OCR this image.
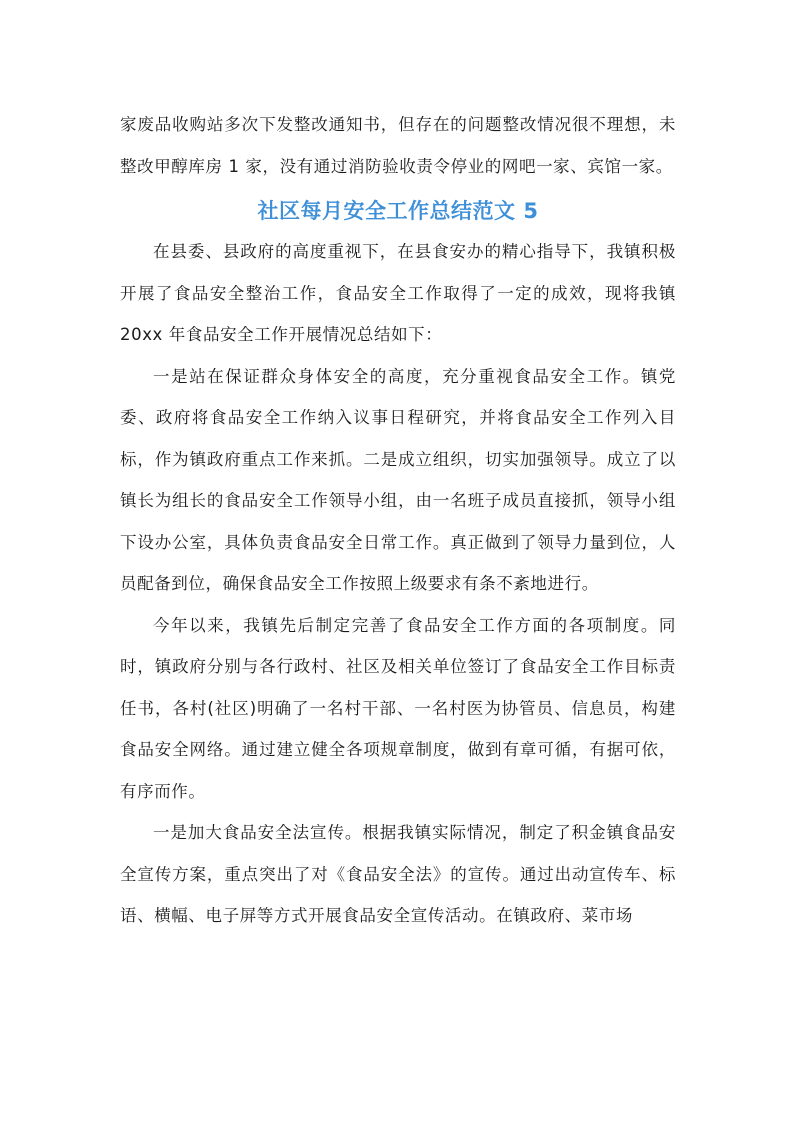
家废品收购站多次下发整改通知书，但存在的问题整改情况很不理想，未整改甲醇库房 1 家，没有通过消防验收责令停业的网吧一家、宾馆一家。

社区每月安全工作总结范文 5

在县委、县政府的高度重视下，在县食安办的精心指导下，我镇积极开展了食品安全整治工作，食品安全工作取得了一定的成效，现将我镇 20xx 年食品安全工作开展情况总结如下：

一是站在保证群众身体安全的高度，充分重视食品安全工作。镇党委、政府将食品安全工作纳入议事日程研究，并将食品安全工作列入目标，作为镇政府重点工作来抓。二是成立组织，切实加强领导。成立了以镇长为组长的食品安全工作领导小组，由一名班子成员直接抓，领导小组下设办公室，具体负责食品安全日常工作。真正做到了领导力量到位，人员配备到位，确保食品安全工作按照上级要求有条不紊地进行。

今年以来，我镇先后制定完善了食品安全工作方面的各项制度。同时，镇政府分别与各行政村、社区及相关单位签订了食品安全工作目标责任书，各村(社区)明确了一名村干部、一名村医为协管员、信息员，构建食品安全网络。通过建立健全各项规章制度，做到有章可循，有据可依，有序而作。

一是加大食品安全法宣传。根据我镇实际情况，制定了积金镇食品安全宣传方案，重点突出了对《食品安全法》的宣传。通过出动宣传车、标语、横幅、电子屏等方式开展食品安全宣传活动。在镇政府、菜市场
